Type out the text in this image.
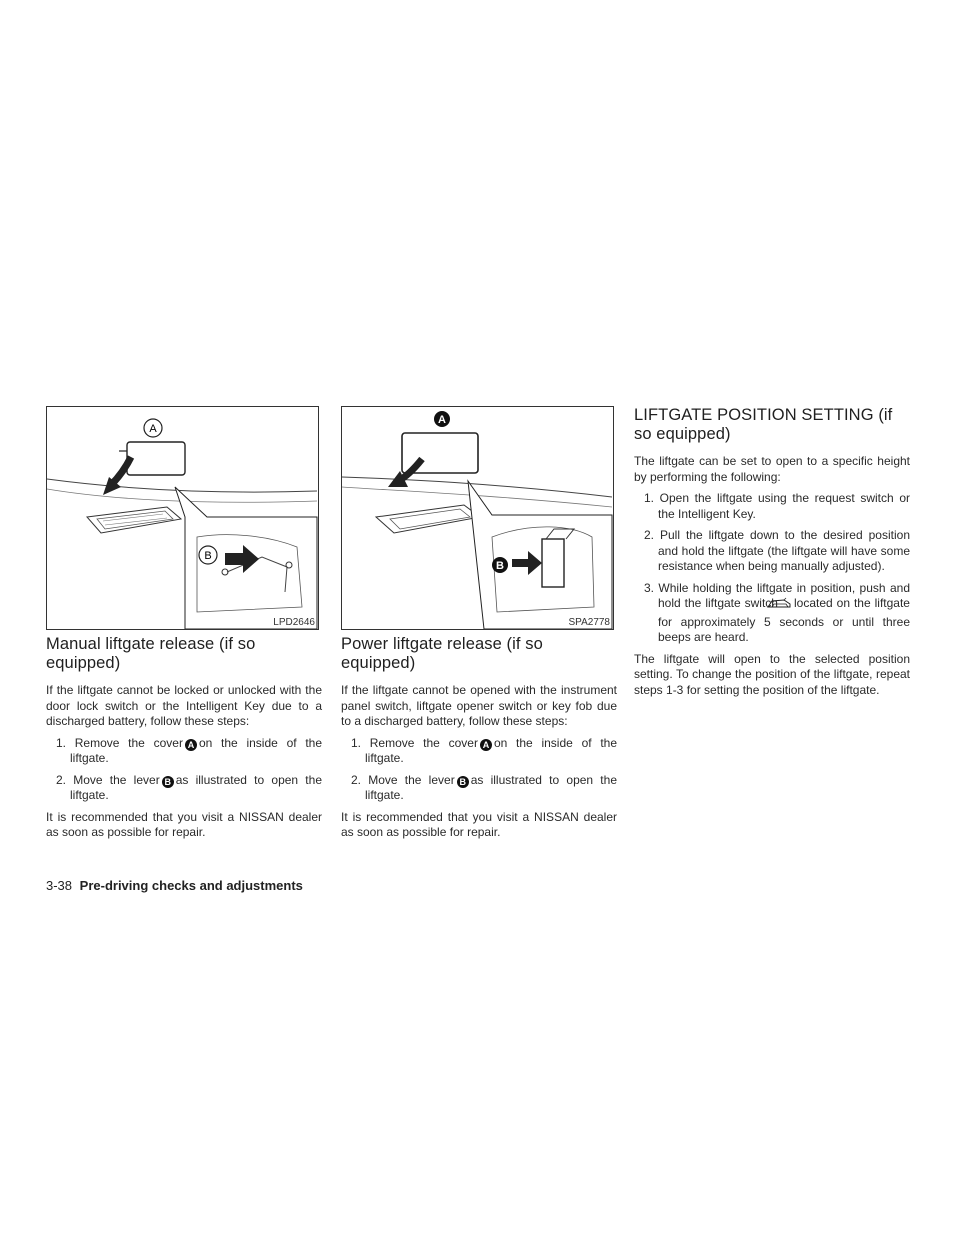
A
B
LPD2646
A
B
SPA2778
Manual liftgate release (if so equipped)

If the liftgate cannot be locked or unlocked with the door lock switch or the Intelligent Key due to a discharged battery, follow these steps:

1. Remove the cover A on the inside of the liftgate.
2. Move the lever B as illustrated to open the liftgate.

It is recommended that you visit a NISSAN dealer as soon as possible for repair.

Power liftgate release (if so equipped)

If the liftgate cannot be opened with the instrument panel switch, liftgate opener switch or key fob due to a discharged battery, follow these steps:

1. Remove the cover A on the inside of the liftgate.
2. Move the lever B as illustrated to open the liftgate.

It is recommended that you visit a NISSAN dealer as soon as possible for repair.

LIFTGATE POSITION SETTING (if so equipped)

The liftgate can be set to open to a specific height by performing the following:

1. Open the liftgate using the request switch or the Intelligent Key.
2. Pull the liftgate down to the desired position and hold the liftgate (the liftgate will have some resistance when being manually adjusted).
3. While holding the liftgate in position, push and hold the liftgate switch located on the liftgate for approximately 5 seconds or until three beeps are heard.

The liftgate will open to the selected position setting. To change the position of the liftgate, repeat steps 1-3 for setting the position of the liftgate.

3-38 Pre-driving checks and adjustments
